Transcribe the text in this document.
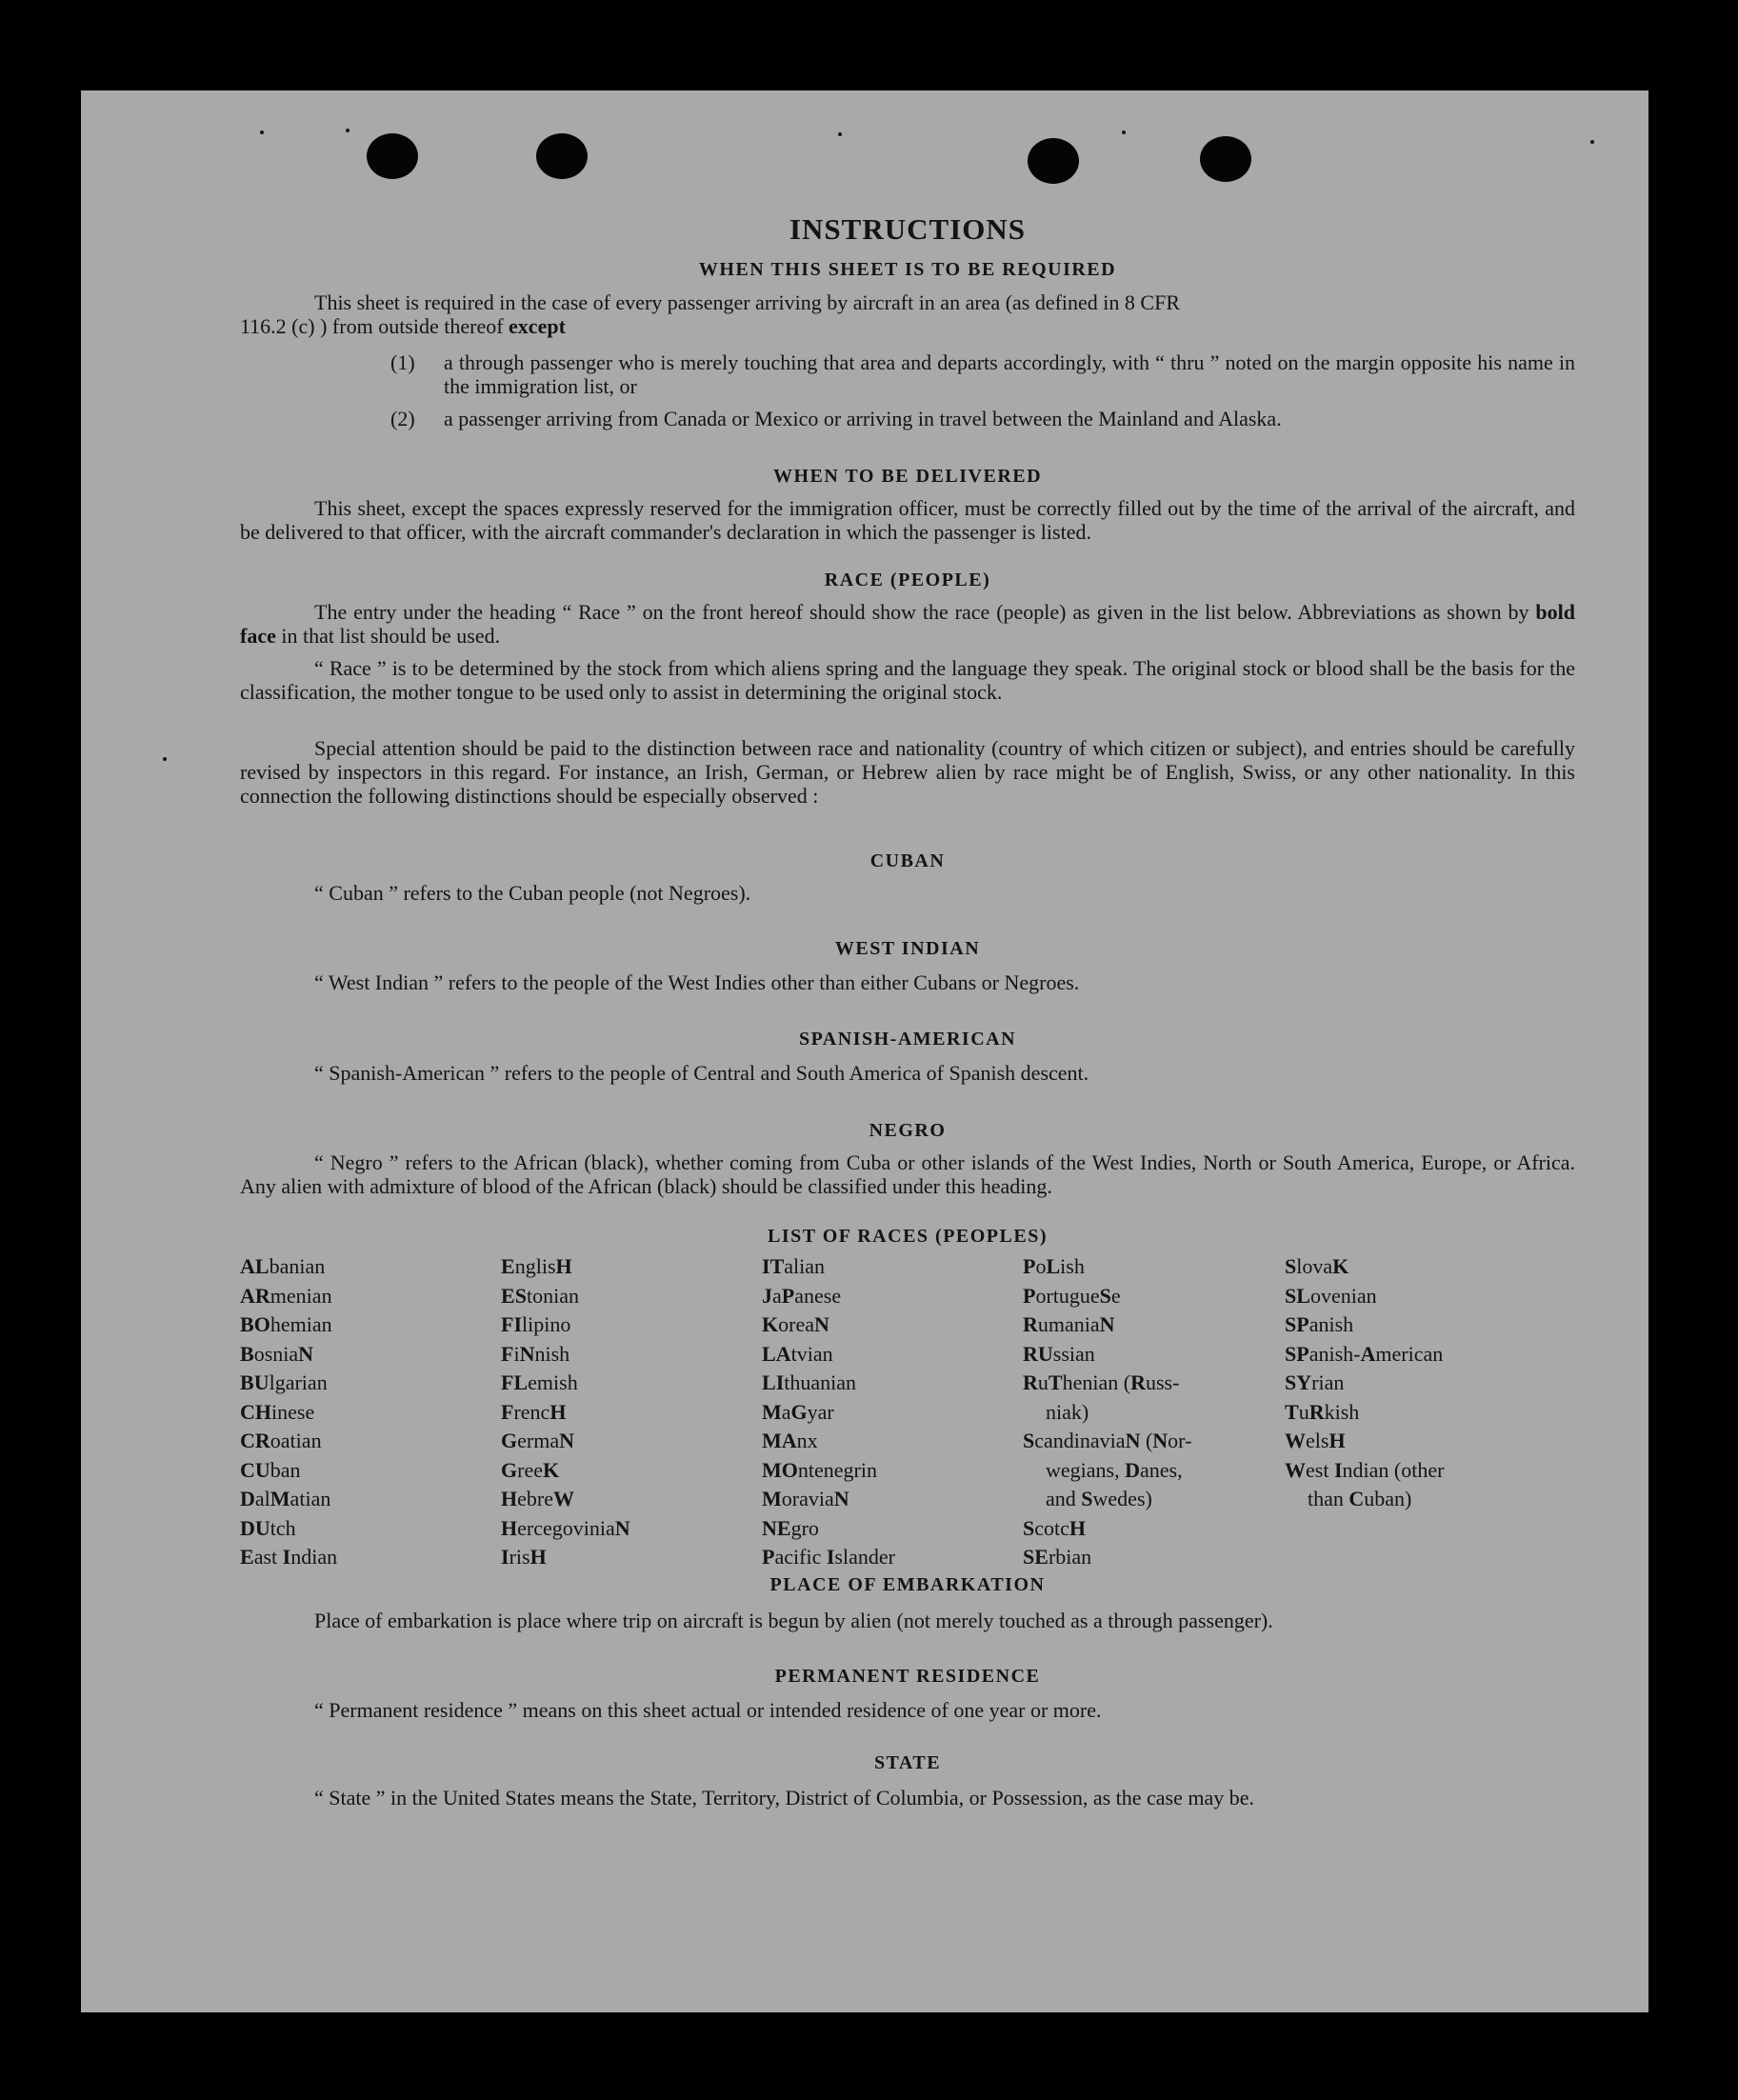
INSTRUCTIONS
WHEN THIS SHEET IS TO BE REQUIRED

This sheet is required in the case of every passenger arriving by aircraft in an area (as defined in 8 CFR

116.2 (c) ) from outside thereof except

(1) a through passenger who is merely touching that area and departs accordingly, with “ thru ” noted on the margin opposite his name in the immigration list, or
(2) a passenger arriving from Canada or Mexico or arriving in travel between the Mainland and Alaska.
WHEN TO BE DELIVERED

This sheet, except the spaces expressly reserved for the immigration officer, must be correctly filled out by the time of the arrival of the aircraft, and be delivered to that officer, with the aircraft commander's declaration in which the passenger is listed.

RACE (PEOPLE)

The entry under the heading “ Race ” on the front hereof should show the race (people) as given in the list below. Abbreviations as shown by bold face in that list should be used.

“ Race ” is to be determined by the stock from which aliens spring and the language they speak. The original stock or blood shall be the basis for the classification, the mother tongue to be used only to assist in determining the original stock.

Special attention should be paid to the distinction between race and nationality (country of which citizen or subject), and entries should be carefully revised by inspectors in this regard. For instance, an Irish, German, or Hebrew alien by race might be of English, Swiss, or any other nationality. In this connection the following distinctions should be especially observed :

CUBAN

“ Cuban ” refers to the Cuban people (not Negroes).

WEST INDIAN

“ West Indian ” refers to the people of the West Indies other than either Cubans or Negroes.

SPANISH-AMERICAN

“ Spanish-American ” refers to the people of Central and South America of Spanish descent.

NEGRO

“ Negro ” refers to the African (black), whether coming from Cuba or other islands of the West Indies, North or South America, Europe, or Africa. Any alien with admixture of blood of the African (black) should be classified under this heading.

LIST OF RACES (PEOPLES)
ALbanian
ARmenian
BOhemian
BosniaN
BUlgarian
CHinese
CRoatian
CUban
DalMatian
DUtch
East Indian
EnglisH
EStonian
FIlipino
FiNnish
FLemish
FrencH
GermaN
GreeK
HebreW
HercegoviniaN
IrisH
ITalian
JaPanese
KoreaN
LAtvian
LIthuanian
MaGyar
MAnx
MOntenegrin
MoraviaN
NEgro
Pacific Islander
PoLish
PortugueSe
RumaniaN
RUssian
RuThenian (Russ-
niak)
ScandinaviaN (Nor-
wegians, Danes,
and Swedes)
ScotcH
SErbian
SlovaK
SLovenian
SPanish
SPanish-American
SYrian
TuRkish
WelsH
West Indian (other
than Cuban)
PLACE OF EMBARKATION

Place of embarkation is place where trip on aircraft is begun by alien (not merely touched as a through passenger).

PERMANENT RESIDENCE

“ Permanent residence ” means on this sheet actual or intended residence of one year or more.

STATE

“ State ” in the United States means the State, Territory, District of Columbia, or Possession, as the case may be.
